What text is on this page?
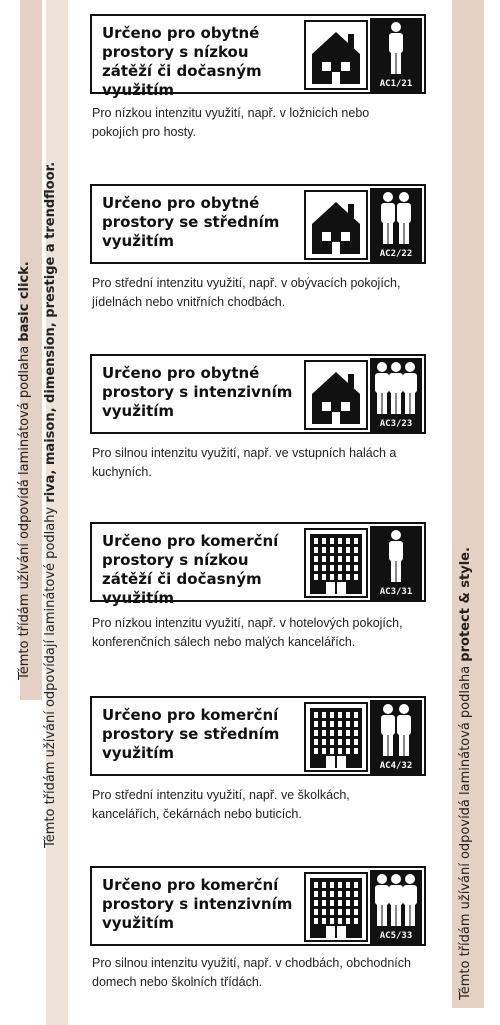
Těmto třídám užívání odpovídá laminátová podlaha basic click.
Těmto třídám užívání odpovídají laminátové podlahy riva, maison, dimension, prestige a trendfloor.
Těmto třídám užívání odpovídá laminátová podlaha protect & style.
Určeno pro obytné prostory s nízkou zátěží či dočasným využitím	AC1/21
Pro nízkou intenzitu využití, např. v ložnicích nebo pokojích pro hosty.
Určeno pro obytné prostory se středním využitím
AC2/22
Pro střední intenzitu využití, např. v obývacích pokojích, jídelnách nebo vnitřních chodbách.
Určeno pro obytné prostory s intenzivním využitím
AC3/23
Pro silnou intenzitu využití, např. ve vstupních halách a kuchyních.
Určeno pro komerční prostory s nízkou zátěží či dočasným využitím	AC3/31
Pro nízkou intenzitu využití, např. v hotelových pokojích, konferenčních sálech nebo malých kancelářích.
Určeno pro komerční prostory se středním využitím
AC4/32
Pro střední intenzitu využití, např. ve školkách, kancelářích, čekárnách nebo buticích.
Určeno pro komerční prostory s intenzivním využitím
AC5/33
Pro silnou intenzitu využití, např. v chodbách, obchodních domech nebo školních třídách.
